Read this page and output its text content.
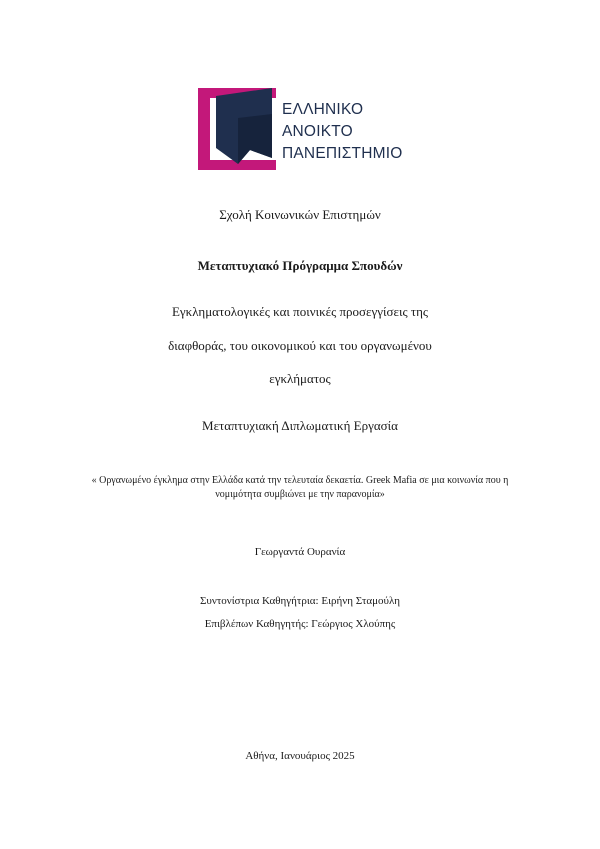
ΕΛΛΗΝΙΚΟ
ΑΝΟΙΚΤΟ
ΠΑΝΕΠΙΣΤΗΜΙΟ
Σχολή Κοινωνικών Επιστημών
Μεταπτυχιακό Πρόγραμμα Σπουδών
Εγκληματολογικές και ποινικές προσεγγίσεις της
διαφθοράς, του οικονομικού και του οργανωμένου
εγκλήματος
Μεταπτυχιακή Διπλωματική Εργασία
« Οργανωμένο έγκλημα στην Ελλάδα κατά την τελευταία δεκαετία. Greek Mafia σε μια κοινωνία που η νομιμότητα συμβιώνει με την παρανομία»
Γεωργαντά Ουρανία
Συντονίστρια Καθηγήτρια: Ειρήνη Σταμούλη
Επιβλέπων Καθηγητής: Γεώργιος Χλούπης
Αθήνα, Ιανουάριος 2025
